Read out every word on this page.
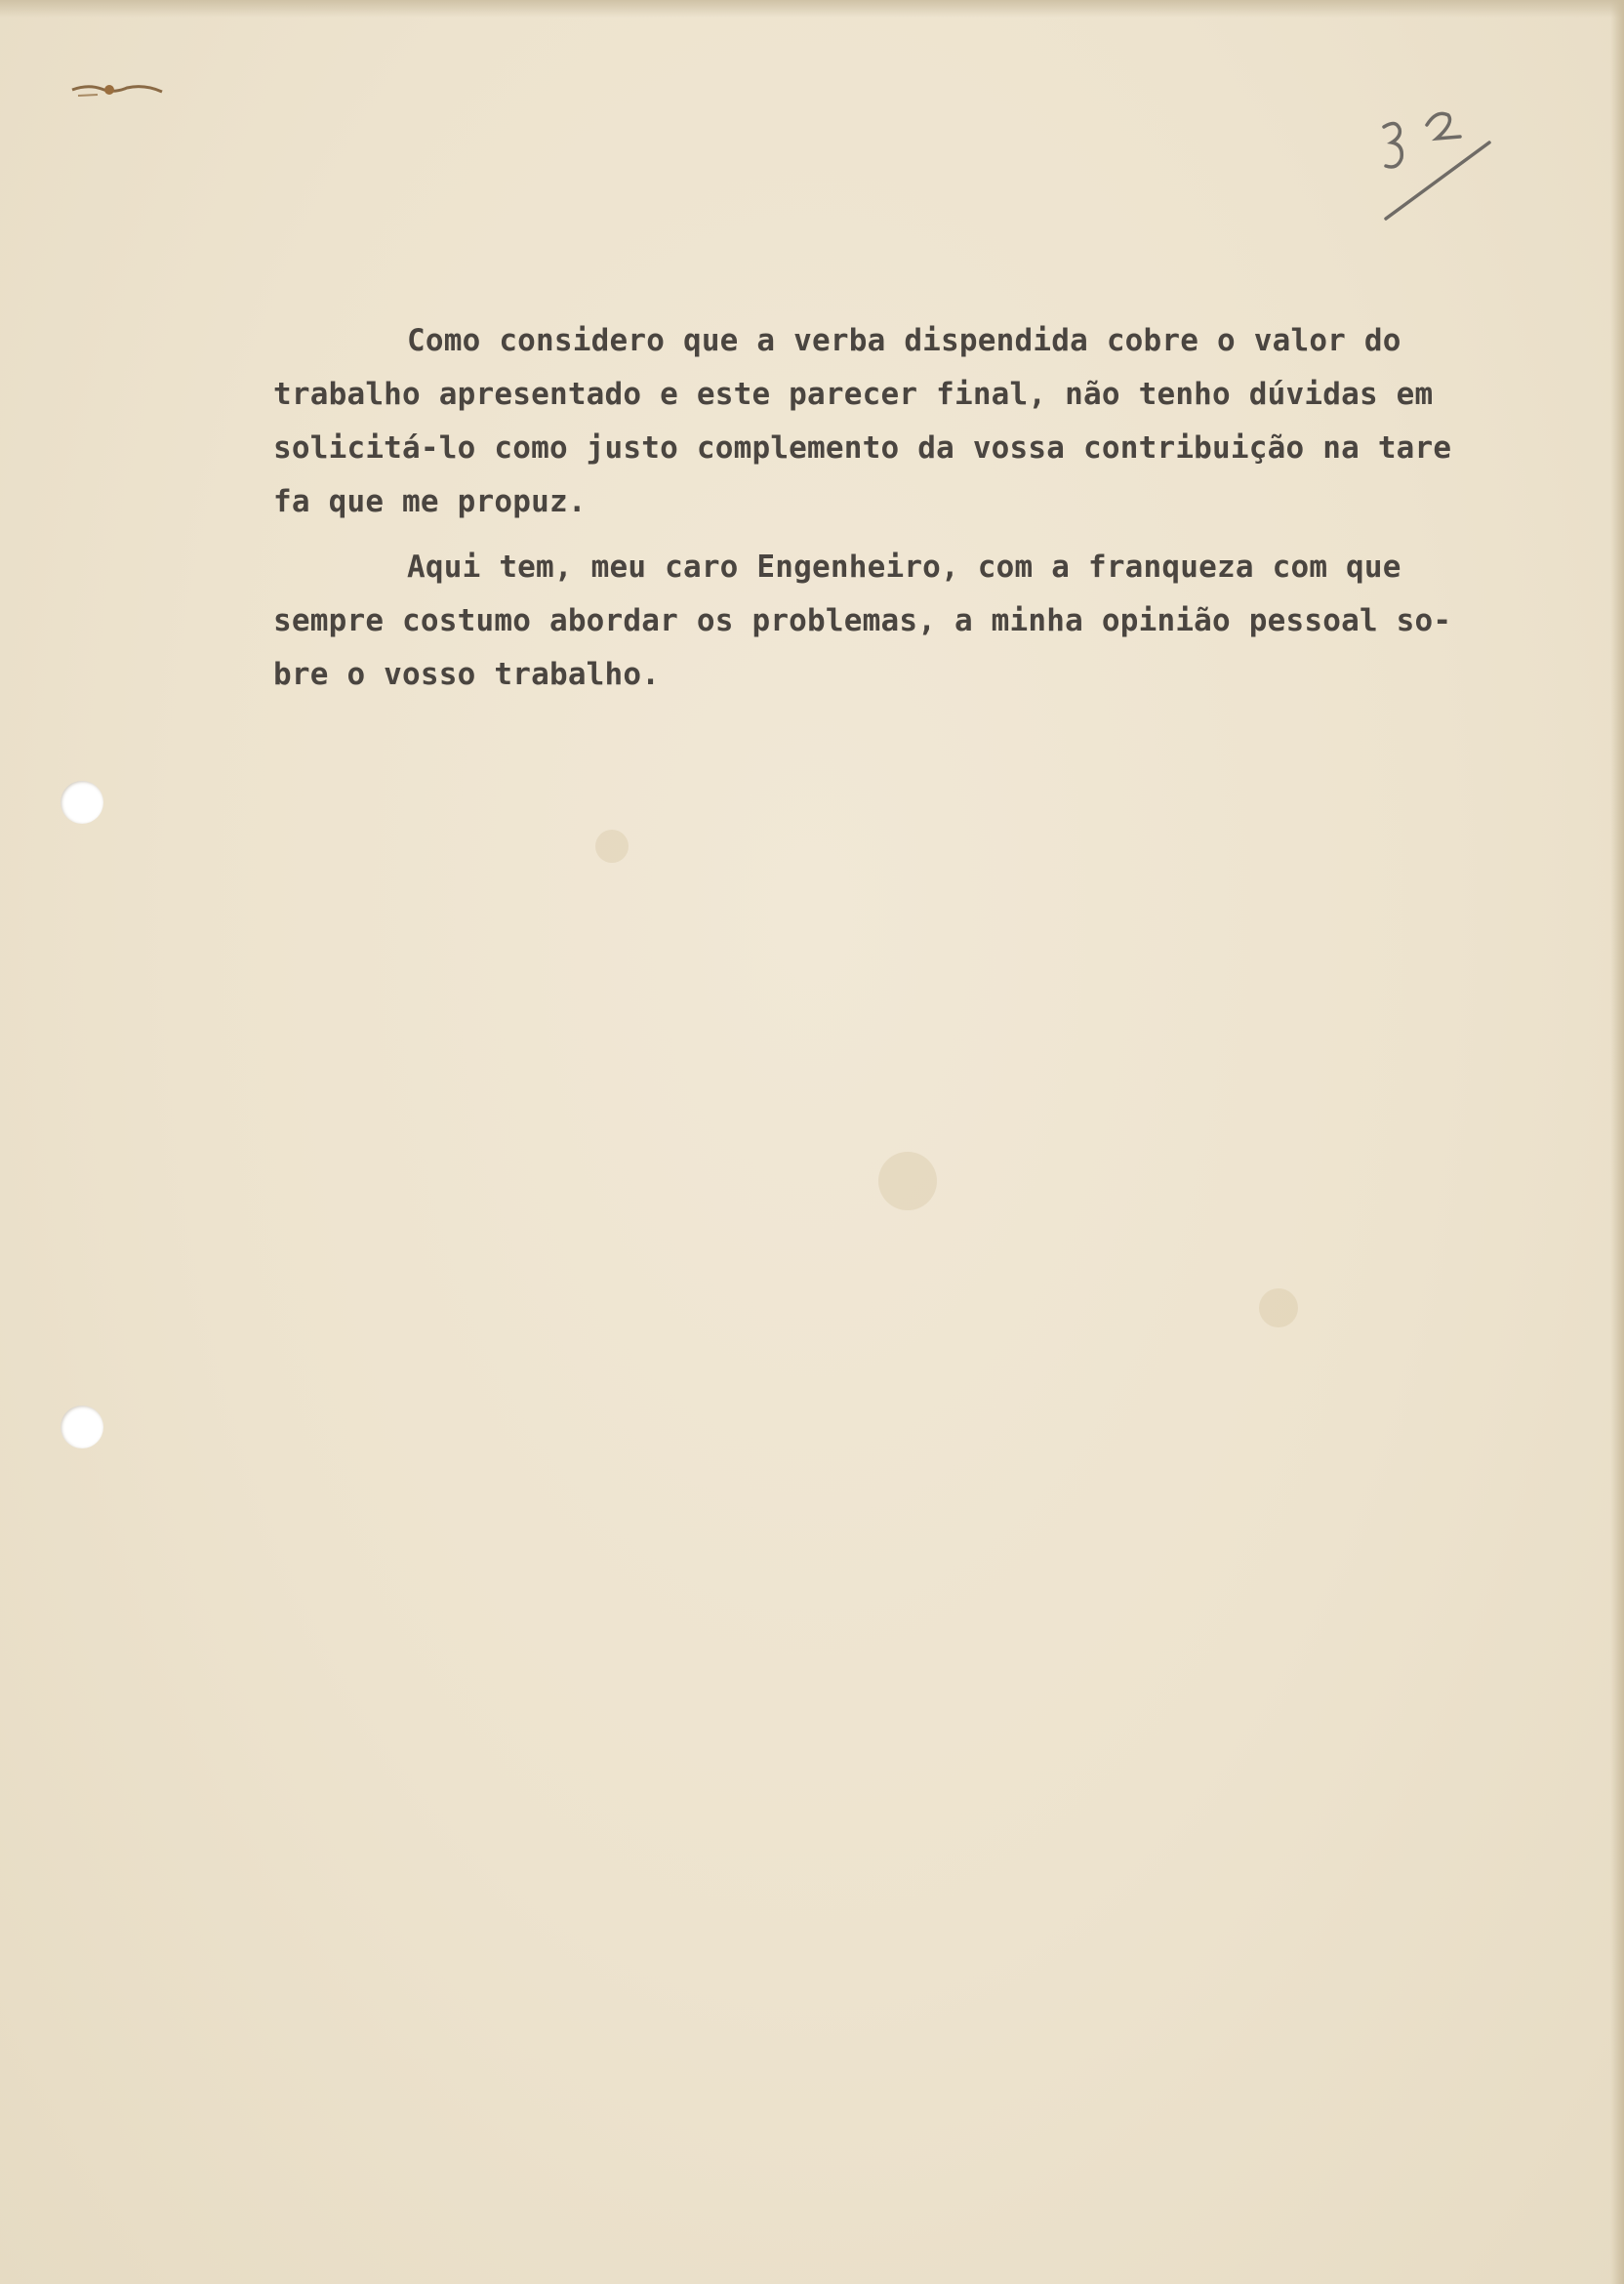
Como considero que a verba dispendida cobre o valor do
trabalho apresentado e este parecer final, não tenho dúvidas em
solicitá-lo como justo complemento da vossa contribuição na tare
fa que me propuz.
Aqui tem, meu caro Engenheiro, com a franqueza com que
sempre costumo abordar os problemas, a minha opinião pessoal so-
bre o vosso trabalho.
